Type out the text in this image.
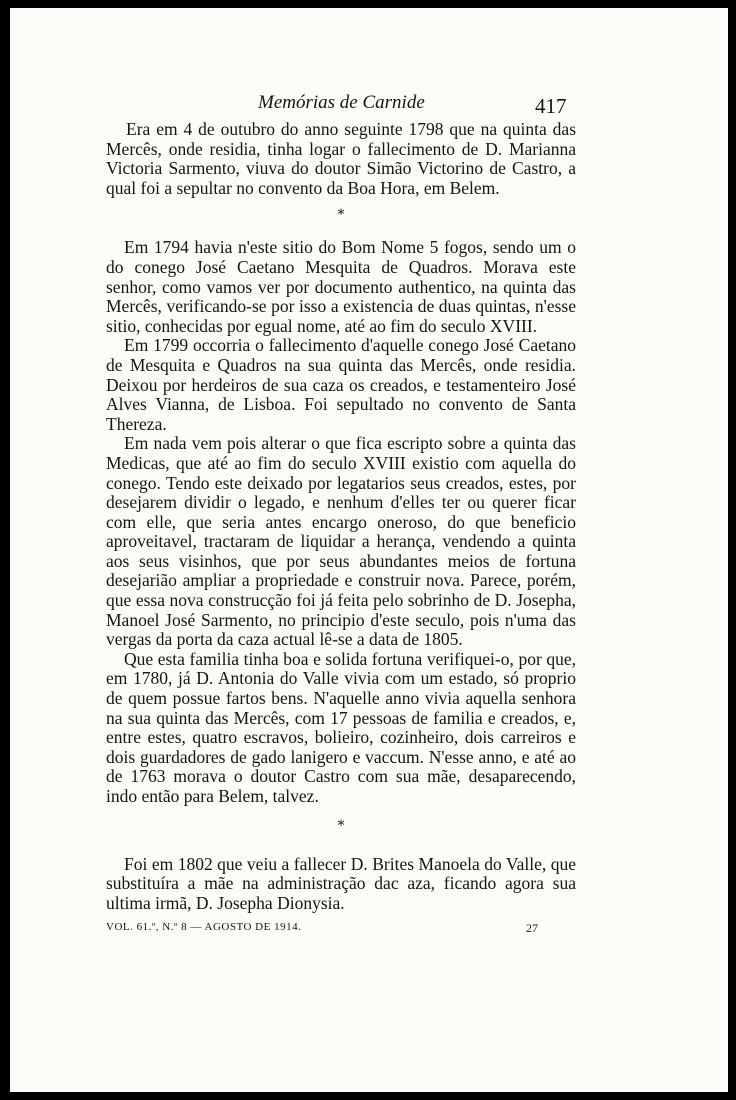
Memórias de Carnide	417

Era em 4 de outubro do anno seguinte 1798 que na quinta das Mercês, onde residia, tinha logar o fallecimento de D. Marianna Victoria Sarmento, viuva do doutor Simão Victorino de Castro, a qual foi a sepultar no convento da Boa Hora, em Belem.

*

Em 1794 havia n'este sitio do Bom Nome 5 fogos, sendo um o do conego José Caetano Mesquita de Quadros. Morava este senhor, como vamos ver por documento authentico, na quinta das Mercês, verificando-se por isso a existencia de duas quintas, n'esse sitio, conhecidas por egual nome, até ao fim do seculo XVIII.

Em 1799 occorria o fallecimento d'aquelle conego José Caetano de Mesquita e Quadros na sua quinta das Mercês, onde residia. Deixou por herdeiros de sua caza os creados, e testamenteiro José Alves Vianna, de Lisboa. Foi sepultado no convento de Santa Thereza.

Em nada vem pois alterar o que fica escripto sobre a quinta das Medicas, que até ao fim do seculo XVIII existio com aquella do conego. Tendo este deixado por legatarios seus creados, estes, por desejarem dividir o legado, e nenhum d'elles ter ou querer ficar com elle, que seria antes encargo oneroso, do que beneficio aproveitavel, tractaram de liquidar a herança, vendendo a quinta aos seus visinhos, que por seus abundantes meios de fortuna desejarião ampliar a propriedade e construir nova. Parece, porém, que essa nova construcção foi já feita pelo sobrinho de D. Josepha, Manoel José Sarmento, no principio d'este seculo, pois n'uma das vergas da porta da caza actual lê-se a data de 1805.

Que esta familia tinha boa e solida fortuna verifiquei-o, por que, em 1780, já D. Antonia do Valle vivia com um estado, só proprio de quem possue fartos bens. N'aquelle anno vivia aquella senhora na sua quinta das Mercês, com 17 pessoas de familia e creados, e, entre estes, quatro escravos, bolieiro, cozinheiro, dois carreiros e dois guardadores de gado lanigero e vaccum. N'esse anno, e até ao de 1763 morava o doutor Castro com sua mãe, desaparecendo, indo então para Belem, talvez.

*

Foi em 1802 que veiu a fallecer D. Brites Manoela do Valle, que substituíra a mãe na administração dac aza, ficando agora sua ultima irmã, D. Josepha Dionysia.

VOL. 61.º, N.º 8 — AGOSTO DE 1914.	27
